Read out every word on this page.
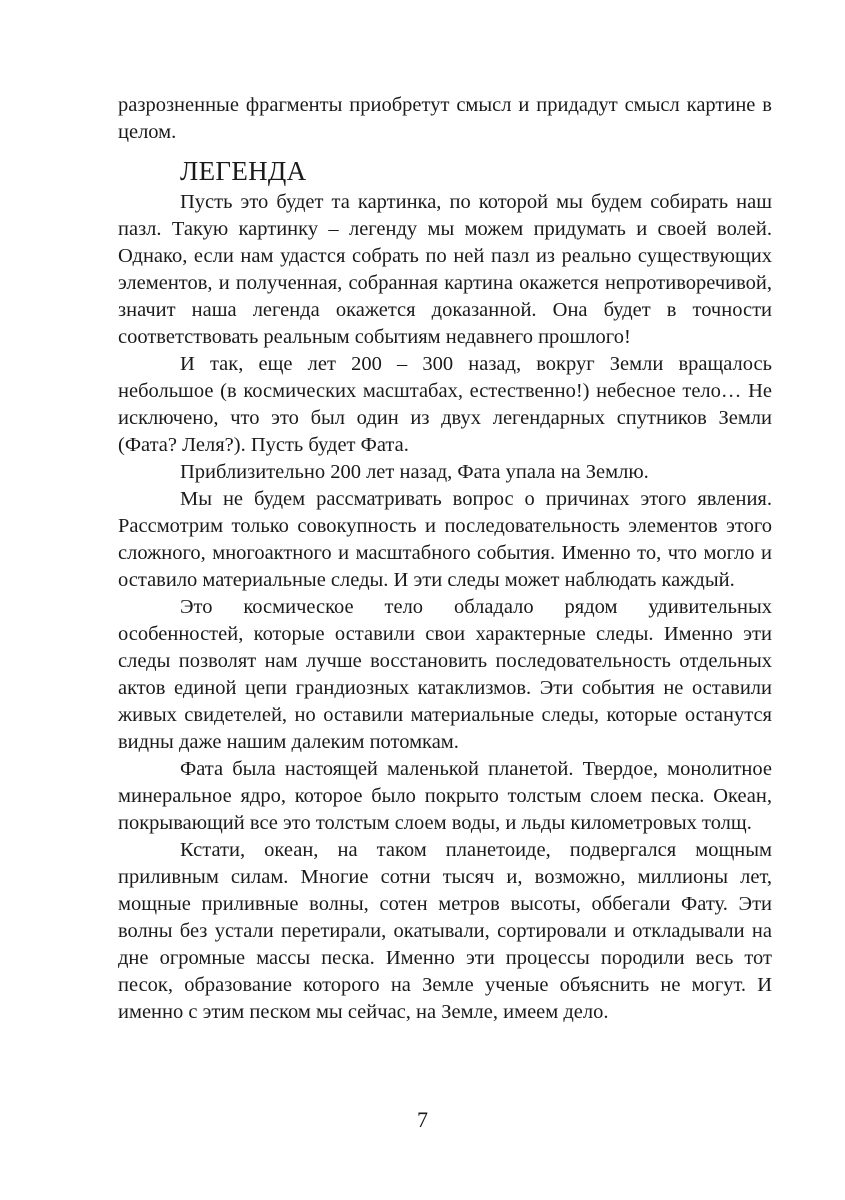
разрозненные фрагменты приобретут смысл и придадут смысл картине в целом.

ЛЕГЕНДА

Пусть это будет та картинка, по которой мы будем собирать наш пазл. Такую картинку – легенду мы можем придумать и своей волей. Однако, если нам удастся собрать по ней пазл из реально существующих элементов, и полученная, собранная картина окажется непротиворечивой, значит наша легенда окажется доказанной. Она будет в точности соответствовать реальным событиям недавнего прошлого!

И так, еще лет 200 – 300 назад, вокруг Земли вращалось небольшое (в космических масштабах, естественно!) небесное тело… Не исключено, что это был один из двух легендарных спутников Земли (Фата? Леля?). Пусть будет Фата.

Приблизительно 200 лет назад, Фата упала на Землю.

Мы не будем рассматривать вопрос о причинах этого явления. Рассмотрим только совокупность и последовательность элементов этого сложного, многоактного и масштабного события. Именно то, что могло и оставило материальные следы. И эти следы может наблюдать каждый.

Это космическое тело обладало рядом удивительных особенностей, которые оставили свои характерные следы. Именно эти следы позволят нам лучше восстановить последовательность отдельных актов единой цепи грандиозных катаклизмов. Эти события не оставили живых свидетелей, но оставили материальные следы, которые останутся видны даже нашим далеким потомкам.

Фата была настоящей маленькой планетой. Твердое, монолитное минеральное ядро, которое было покрыто толстым слоем песка. Океан, покрывающий все это толстым слоем воды, и льды километровых толщ.

Кстати, океан, на таком планетоиде, подвергался мощным приливным силам. Многие сотни тысяч и, возможно, миллионы лет, мощные приливные волны, сотен метров высоты, оббегали Фату. Эти волны без устали перетирали, окатывали, сортировали и откладывали на дне огромные массы песка. Именно эти процессы породили весь тот песок, образование которого на Земле ученые объяснить не могут. И именно с этим песком мы сейчас, на Земле, имеем дело.

7
